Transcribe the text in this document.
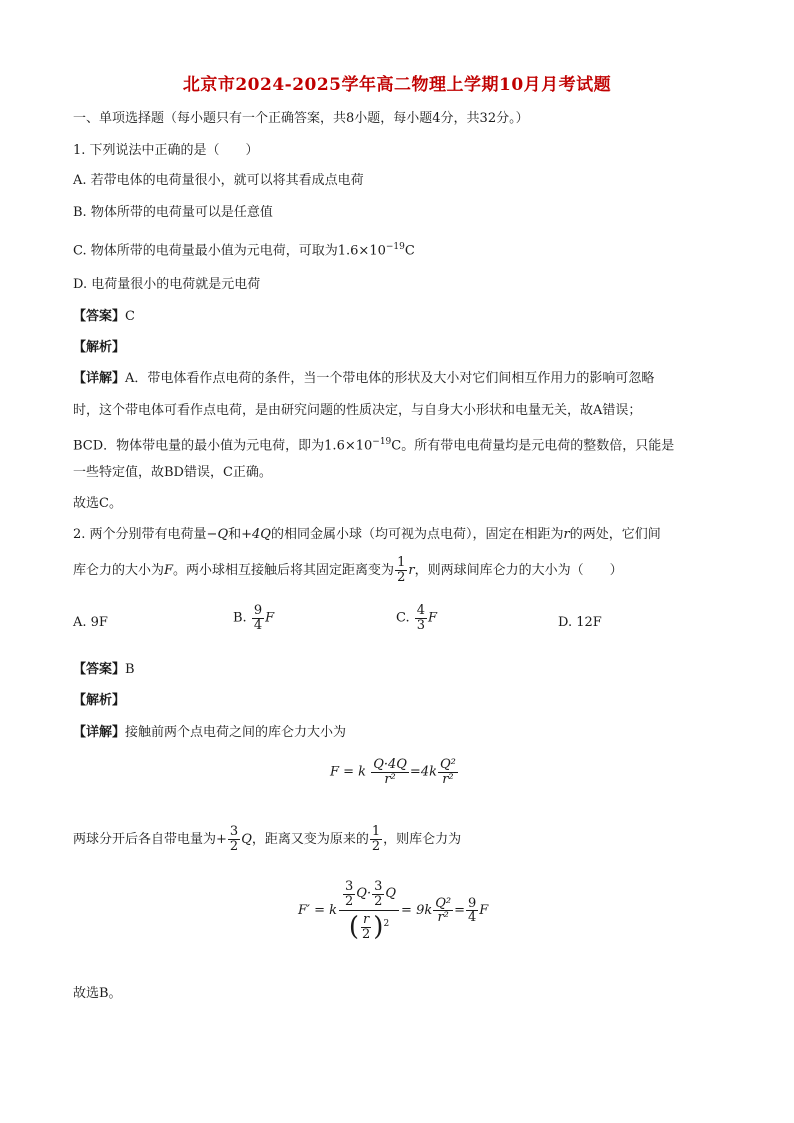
北京市2024-2025学年高二物理上学期10月月考试题
一、单项选择题（每小题只有一个正确答案，共8小题，每小题4分，共32分。）
1. 下列说法中正确的是（　　）
A. 若带电体的电荷量很小，就可以将其看成点电荷
B. 物体所带的电荷量可以是任意值
C. 物体所带的电荷量最小值为元电荷，可取为$1.6\times 10^{-19}C$
D. 电荷量很小的电荷就是元电荷
【答案】C
【解析】
【详解】A．带电体看作点电荷的条件，当一个带电体的形状及大小对它们间相互作用力的影响可忽略
时，这个带电体可看作点电荷，是由研究问题的性质决定，与自身大小形状和电量无关，故A错误；
BCD．物体带电量的最小值为元电荷，即为$1.6\times 10^{-19}C$。所有带电电荷量均是元电荷的整数倍，只能是
一些特定值，故BD错误，C正确。
故选C。
2. 两个分别带有电荷量−Q和+4Q的相同金属小球（均可视为点电荷），固定在相距为r的两处，它们间
库仑力的大小为F。两小球相互接触后将其固定距离变为 $\frac{1}{2}$ r，则两球间库仑力的大小为（　　）
A. 9F	B. $\frac{9}{4}$ F	C. $\frac{4}{3}$ F	D. 12F
【答案】B
【解析】
【详解】接触前两个点电荷之间的库仑力大小为
F = k $\frac{Q\cdot 4Q}{\text{r²}} =4k \frac{\text{Q²}}{\text{r²}}$
两球分开后各自带电量为+ $\frac{3}{2}$ Q，距离又变为原来的 $\frac{1}{2}$ ，则库仑力为
F′ = k $\frac{\frac{3}{2} Q\cdot \frac{3}{2} Q}{( \frac{r}{2} )^2} = 9k \frac{\text{Q²}}{\text{r²}} = \frac{9}{4}$ F
故选B。
